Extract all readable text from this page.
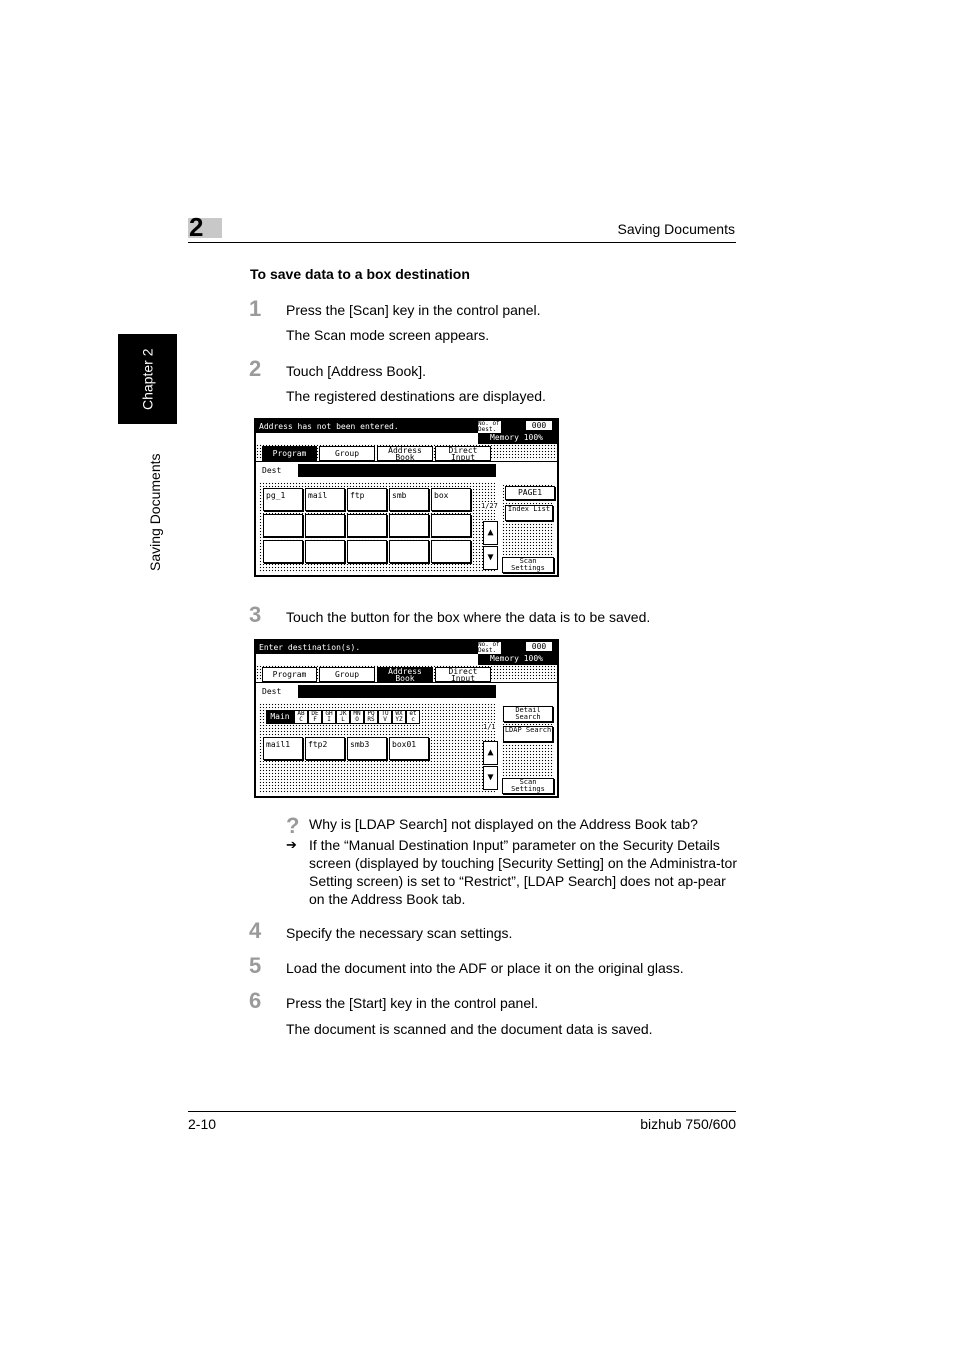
2	Saving Documents
Chapter 2
Saving Documents
To save data to a box destination
1 Press the [Scan] key in the control panel.
The Scan mode screen appears.
2 Touch [Address Book].
The registered destinations are displayed.
Address has not been entered.	No. of Dest.	000
Memory 100%
Program	Group	Address Book
Direct Input
Dest
pg_1	mail	ftp	smb	box	PAGE1
1/27	Index List
▲
▼	Scan Settings
3 Touch the button for the box where the data is to be saved.
Enter destination(s).	No. of Dest.	000
Memory 100%
Program	Group	Address Book
Direct Input
Dest
Main	AB C
DE F
GH I
JK L
MN O
PQ RS
TU V
WX YZ
et c
mail1	ftp2	smb3	box01
Detail Search
1/1 LDAP Search
▲
▼	Scan Settings
? Why is [LDAP Search] not displayed on the Address Book tab?
➔ If the “Manual Destination Input” parameter on the Security Details screen (displayed by touching [Security Setting] on the Administra-tor Setting screen) is set to “Restrict”, [LDAP Search] does not ap-pear on the Address Book tab.
4 Specify the necessary scan settings.
5 Load the document into the ADF or place it on the original glass.
6 Press the [Start] key in the control panel.
The document is scanned and the document data is saved.
2-10	bizhub 750/600
